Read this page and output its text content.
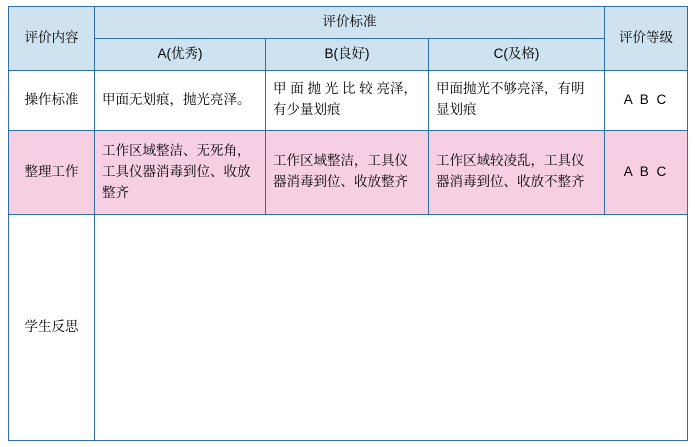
评价内容	评价标准			评价等级
	A(优秀)	B(良好)	C(及格)	
操作标准	甲面无划痕，抛光亮泽。	甲 面 抛 光 比 较 亮泽，有少量划痕	甲面抛光不够亮泽，有明显划痕	A B C
整理工作	工作区域整洁、无死角，工具仪器消毒到位、收放整齐	工作区域整洁，工具仪器消毒到位、收放整齐	工作区域较凌乱，工具仪器消毒到位、收放不整齐	A B C
学生反思				
